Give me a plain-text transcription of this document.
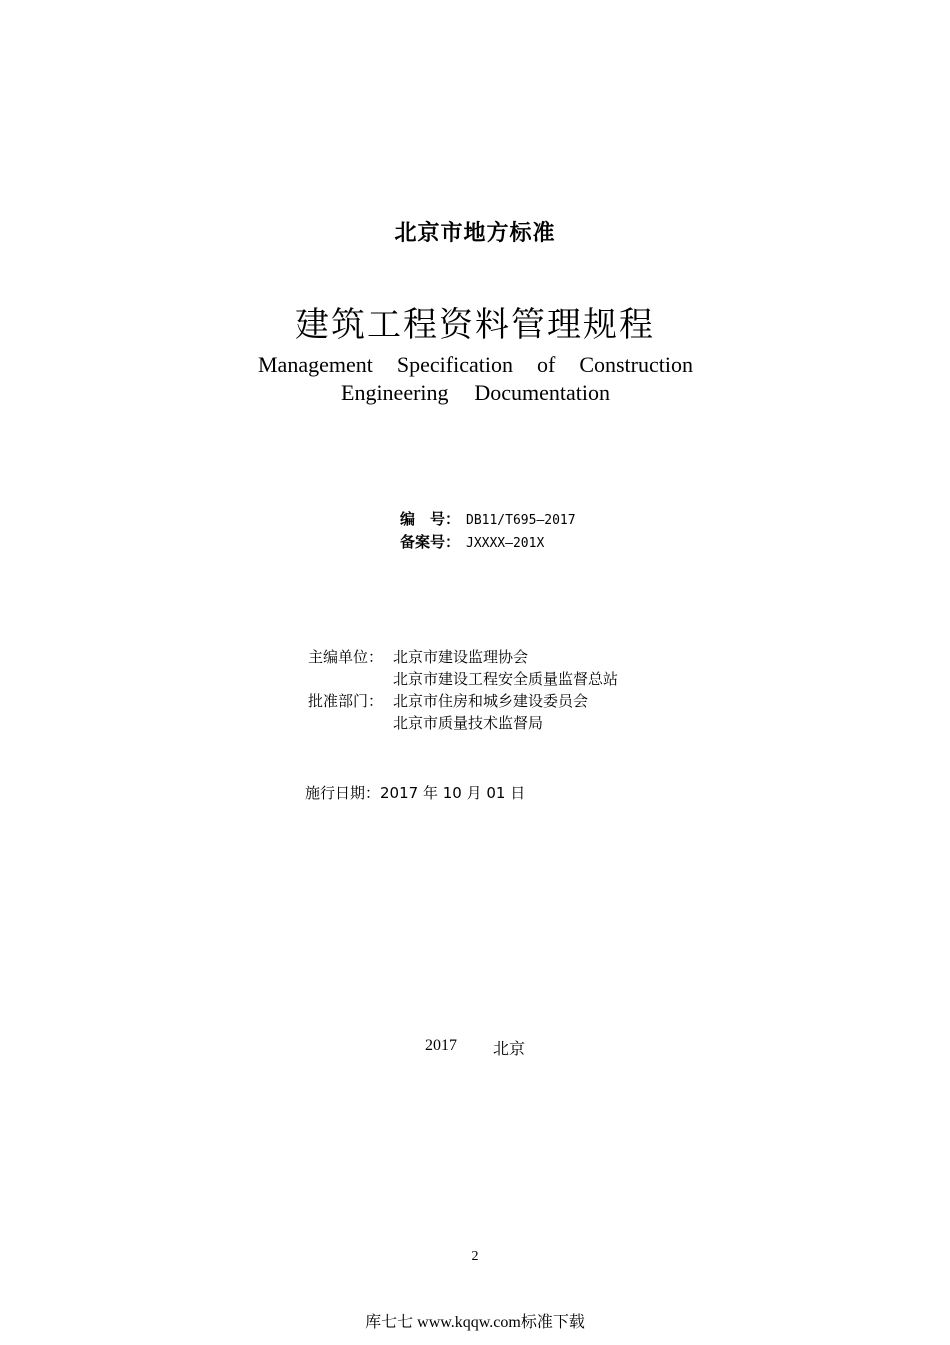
北京市地方标准
建筑工程资料管理规程
Management Specification of Construction
Engineering Documentation
编　号： DB11/T695—2017
备案号： JXXXX—201X
主编单位： 北京市建设监理协会
北京市建设工程安全质量监督总站
批准部门： 北京市住房和城乡建设委员会
北京市质量技术监督局
施行日期：2017 年 10 月 01 日
2017 北京
2
库七七 www.kqqw.com标准下载
